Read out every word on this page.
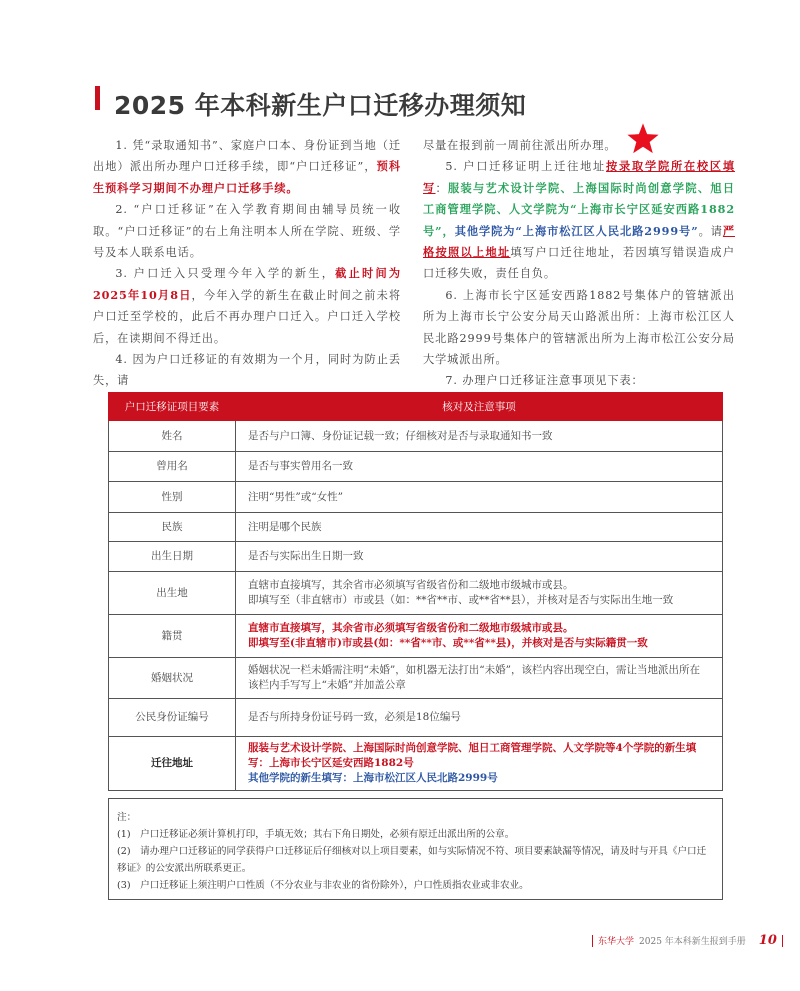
2025 年本科新生户口迁移办理须知

1. 凭“录取通知书”、家庭户口本、身份证到当地（迁出地）派出所办理户口迁移手续，即“户口迁移证”，预科生预科学习期间不办理户口迁移手续。

2. “户口迁移证”在入学教育期间由辅导员统一收取。“户口迁移证”的右上角注明本人所在学院、班级、学号及本人联系电话。

3. 户口迁入只受理今年入学的新生，截止时间为2025年10月8日，今年入学的新生在截止时间之前未将户口迁至学校的，此后不再办理户口迁入。户口迁入学校后，在读期间不得迁出。

4. 因为户口迁移证的有效期为一个月，同时为防止丢失，请

尽量在报到前一周前往派出所办理。

5. 户口迁移证明上迁往地址按录取学院所在校区填写：服装与艺术设计学院、上海国际时尚创意学院、旭日工商管理学院、人文学院为“上海市长宁区延安西路1882号”，其他学院为“上海市松江区人民北路2999号”。请严格按照以上地址填写户口迁往地址，若因填写错误造成户口迁移失败，责任自负。

6. 上海市长宁区延安西路1882号集体户的管辖派出所为上海市长宁公安分局天山路派出所：上海市松江区人民北路2999号集体户的管辖派出所为上海市松江公安分局大学城派出所。

7. 办理户口迁移证注意事项见下表：

户口迁移证项目要素	核对及注意事项
姓名	是否与户口簿、身份证记载一致；仔细核对是否与录取通知书一致

曾用名	是否与事实曾用名一致

性别	注明“男性”或“女性”

民族	注明是哪个民族

出生日期	是否与实际出生日期一致

出生地	直辖市直接填写，其余省市必须填写省级省份和二级地市级城市或县。
即填写至（非直辖市）市或县（如：**省**市、或**省**县），并核对是否与实际出生地一致

籍贯	直辖市直接填写，其余省市必须填写省级省份和二级地市级城市或县。
即填写至(非直辖市)市或县(如：**省**市、或**省**县)，并核对是否与实际籍贯一致

婚姻状况	婚姻状况一栏未婚需注明“未婚”，如机器无法打出“未婚”，该栏内容出现空白，需让当地派出所在该栏内手写写上“未婚”并加盖公章

公民身份证编号	是否与所持身份证号码一致，必须是18位编号

迁往地址	服装与艺术设计学院、上海国际时尚创意学院、旭日工商管理学院、人文学院等4个学院的新生填写：上海市长宁区延安西路1882号
其他学院的新生填写：上海市松江区人民北路2999号
注：
(1)　户口迁移证必须计算机打印，手填无效；其右下角日期处，必须有原迁出派出所的公章。
(2)　请办理户口迁移证的同学获得户口迁移证后仔细核对以上项目要素，如与实际情况不符、项目要素缺漏等情况，请及时与开具《户口迁移证》的公安派出所联系更正。
(3)　户口迁移证上须注明户口性质（不分农业与非农业的省份除外），户口性质指农业或非农业。
东华大学 2025 年本科新生报到手册 10
